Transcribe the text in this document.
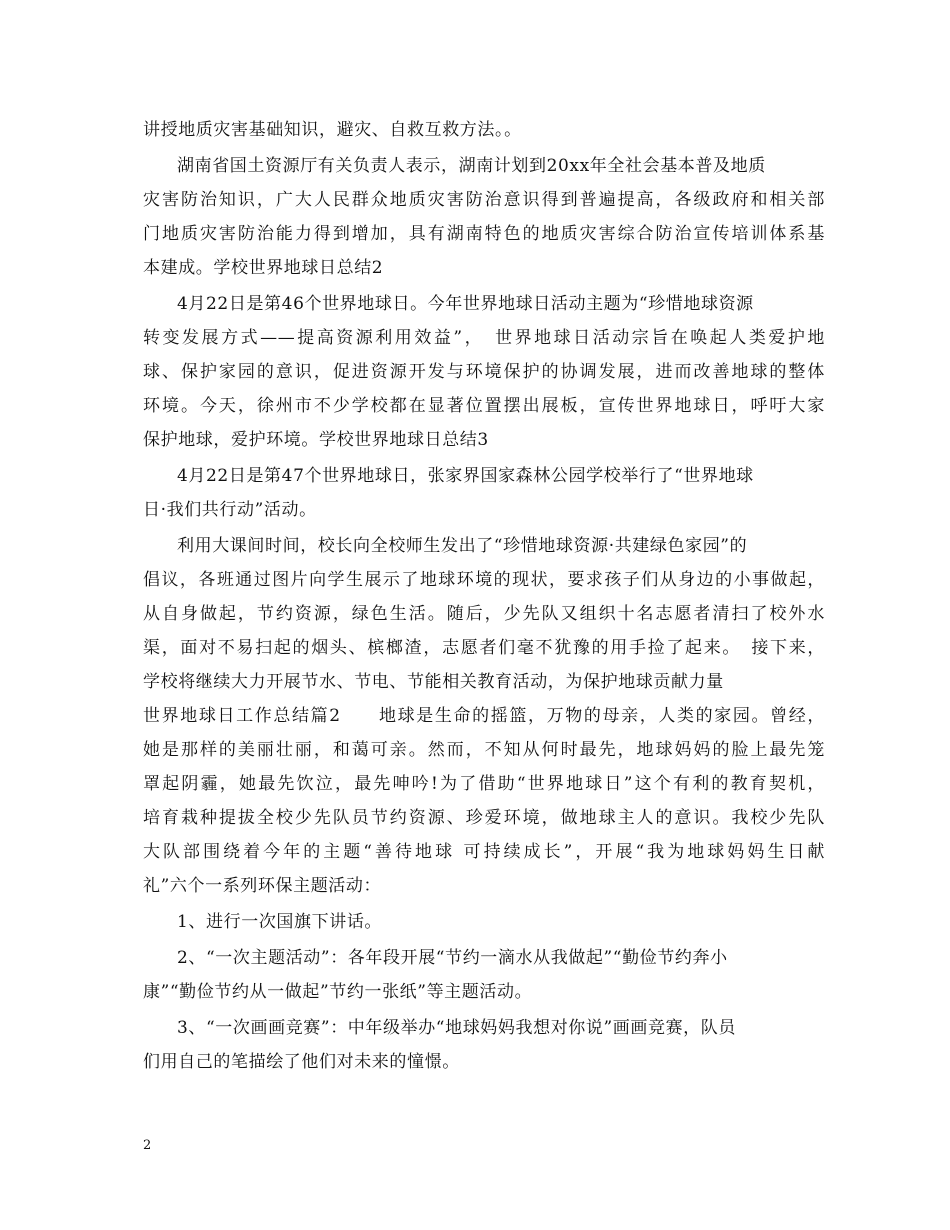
讲授地质灾害基础知识，避灾、自救互救方法。。
湖南省国土资源厅有关负责人表示，湖南计划到20xx年全社会基本普及地质
灾害防治知识，广大人民群众地质灾害防治意识得到普遍提高，各级政府和相关部
门地质灾害防治能力得到增加，具有湖南特色的地质灾害综合防治宣传培训体系基
本建成。学校世界地球日总结2
4月22日是第46个世界地球日。今年世界地球日活动主题为“珍惜地球资源
转变发展方式——提高资源利用效益”，　世界地球日活动宗旨在唤起人类爱护地
球、保护家园的意识，促进资源开发与环境保护的协调发展，进而改善地球的整体
环境。今天，徐州市不少学校都在显著位置摆出展板，宣传世界地球日，呼吁大家
保护地球，爱护环境。学校世界地球日总结3
4月22日是第47个世界地球日，张家界国家森林公园学校举行了“世界地球
日·我们共行动”活动。
利用大课间时间，校长向全校师生发出了“珍惜地球资源·共建绿色家园”的
倡议，各班通过图片向学生展示了地球环境的现状，要求孩子们从身边的小事做起，
从自身做起，节约资源，绿色生活。随后，少先队又组织十名志愿者清扫了校外水
渠，面对不易扫起的烟头、槟榔渣，志愿者们毫不犹豫的用手捡了起来。　接下来，
学校将继续大力开展节水、节电、节能相关教育活动，为保护地球贡献力量
世界地球日工作总结篇2　　地球是生命的摇篮，万物的母亲，人类的家园。曾经，
她是那样的美丽壮丽，和蔼可亲。然而，不知从何时最先，地球妈妈的脸上最先笼
罩起阴霾，她最先饮泣，最先呻吟!为了借助“世界地球日”这个有利的教育契机，
培育栽种提拔全校少先队员节约资源、珍爱环境，做地球主人的意识。我校少先队
大队部围绕着今年的主题“善待地球 可持续成长”，开展“我为地球妈妈生日献
礼”六个一系列环保主题活动：
1、进行一次国旗下讲话。
2、“一次主题活动”：各年段开展“节约一滴水从我做起”“勤俭节约奔小
康”“勤俭节约从一做起”节约一张纸”等主题活动。
3、“一次画画竞赛”：中年级举办“地球妈妈我想对你说”画画竞赛，队员
们用自己的笔描绘了他们对未来的憧憬。
2
